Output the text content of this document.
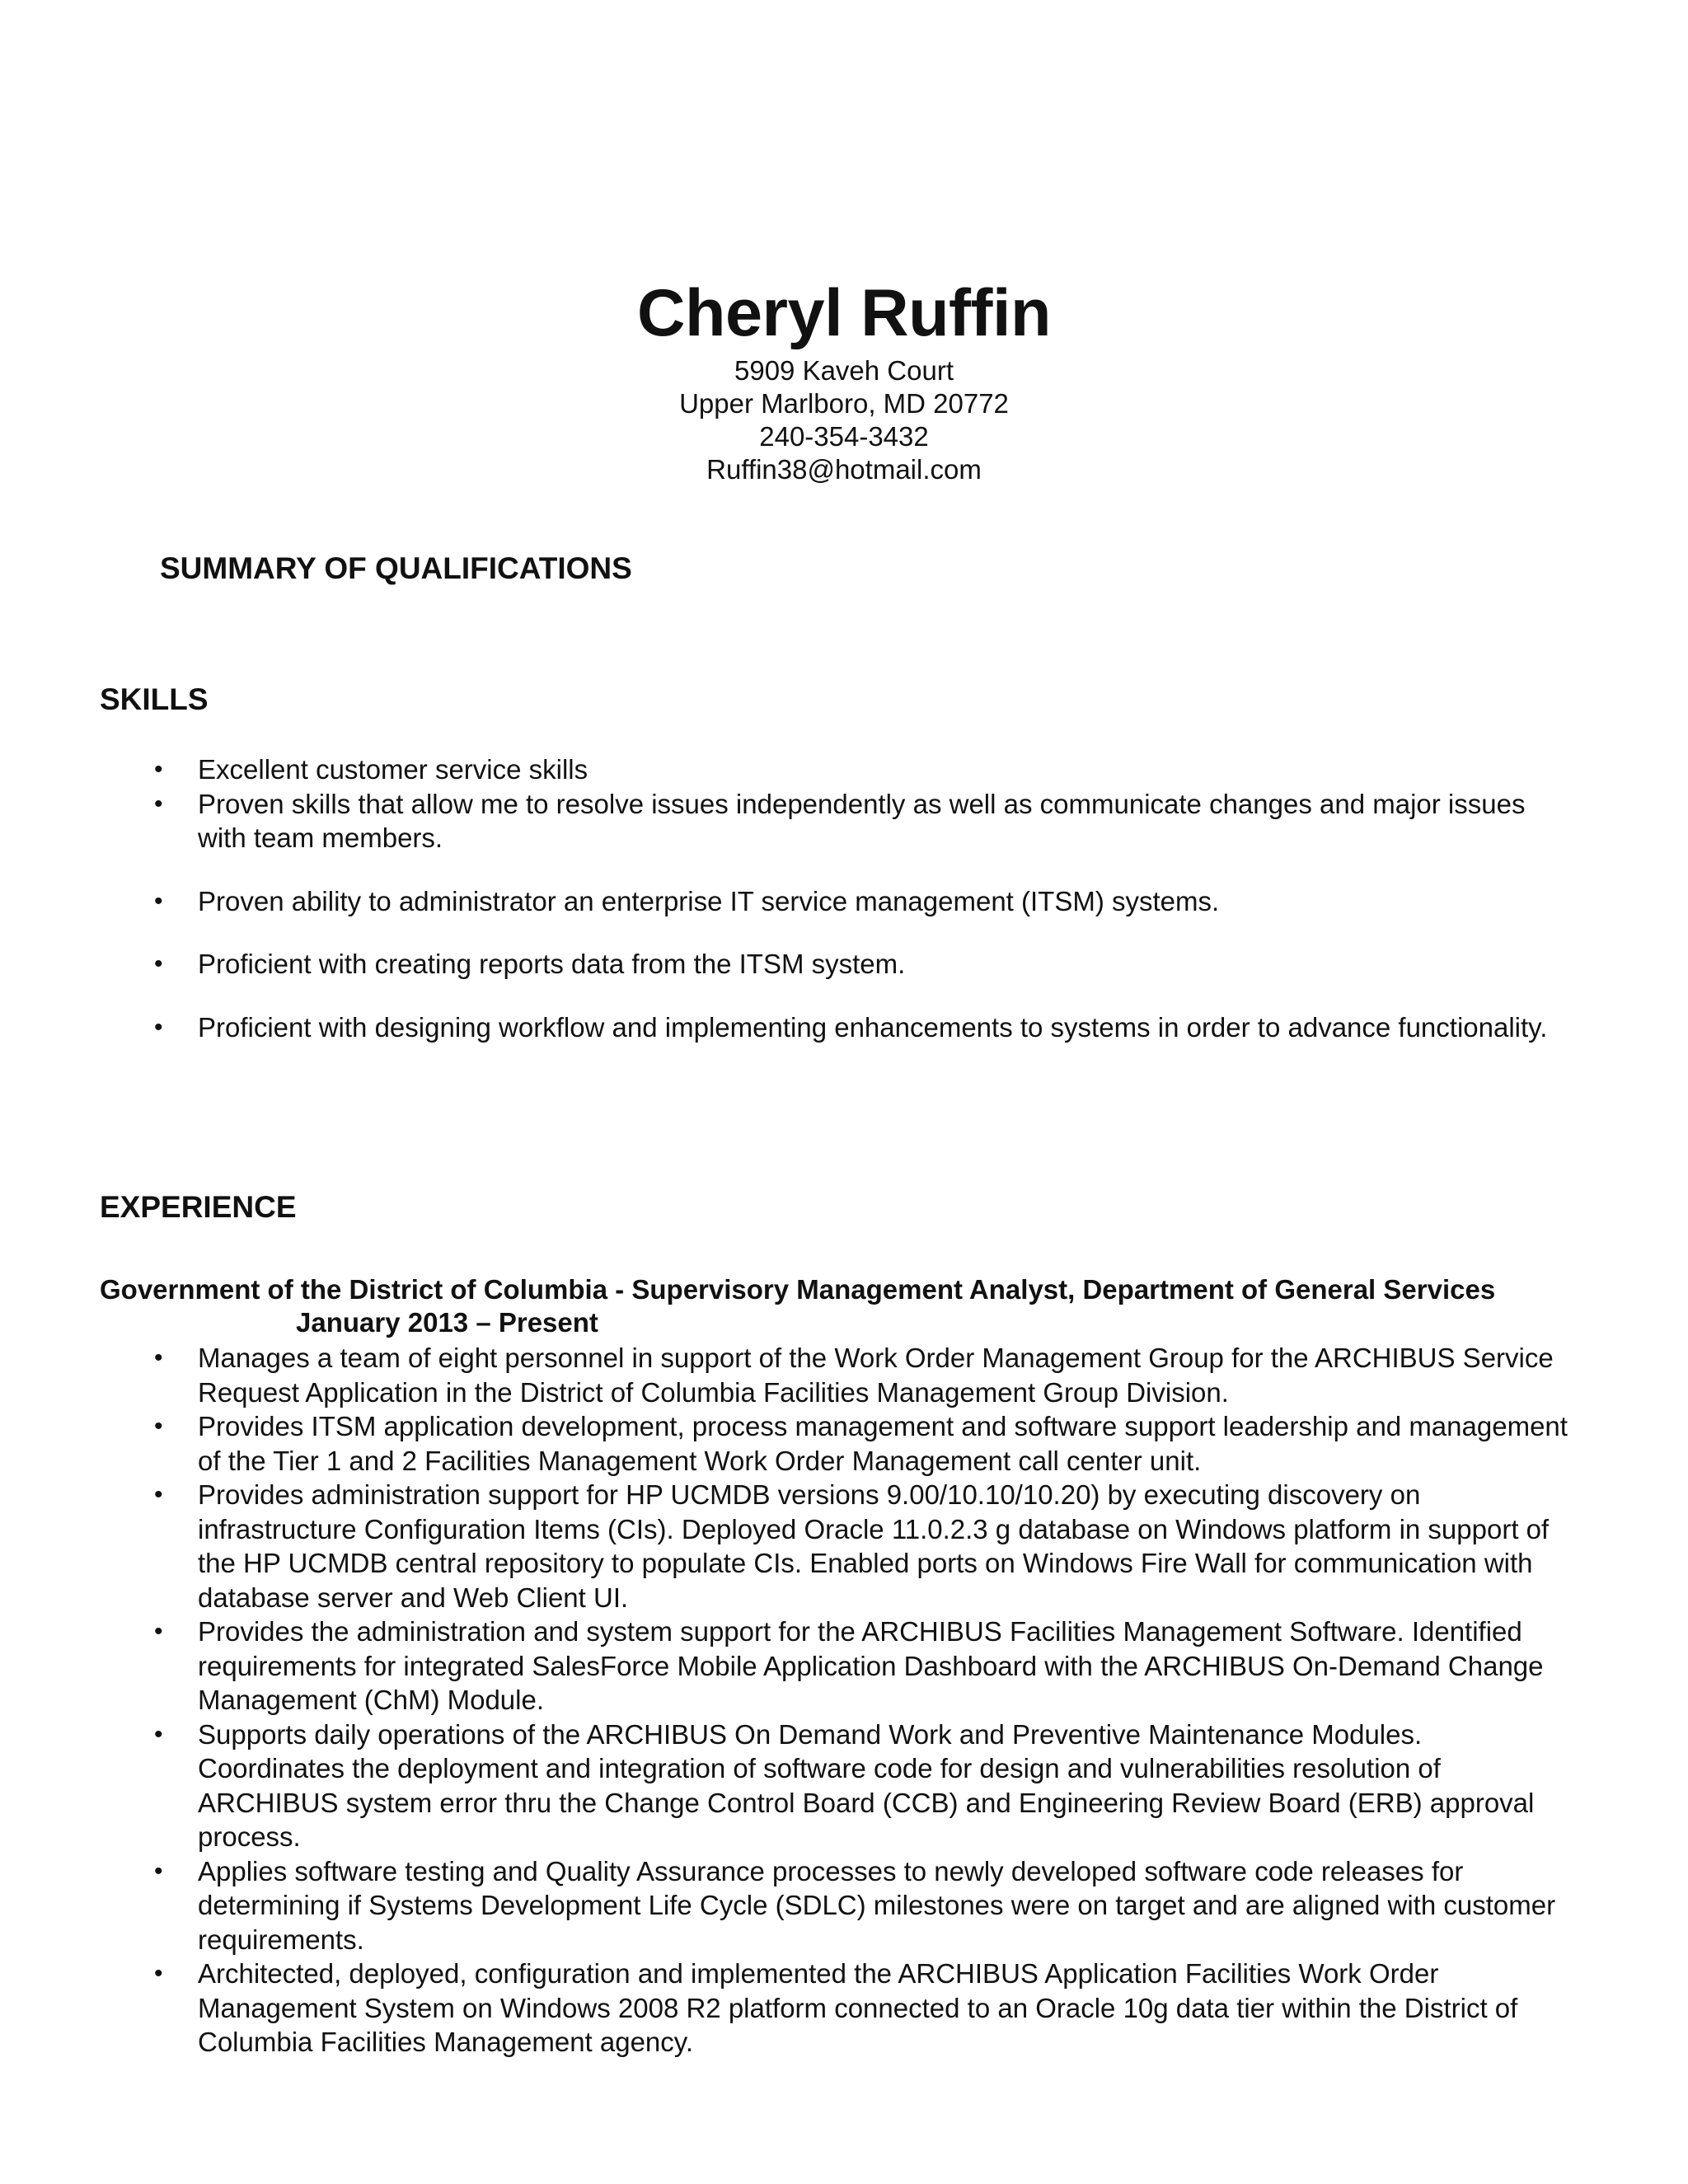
Cheryl Ruffin

5909 Kaveh Court

Upper Marlboro, MD 20772

240-354-3432

Ruffin38@hotmail.com

SUMMARY OF QUALIFICATIONS

SKILLS

• Excellent customer service skills
• Proven skills that allow me to resolve issues independently as well as communicate changes and major issues with team members.
• Proven ability to administrator an enterprise IT service management (ITSM) systems.
• Proficient with creating reports data from the ITSM system.
• Proficient with designing workflow and implementing enhancements to systems in order to advance functionality.

EXPERIENCE

Government of the District of Columbia - Supervisory Management Analyst, Department of General Services

January 2013 – Present

• Manages a team of eight personnel in support of the Work Order Management Group for the ARCHIBUS Service Request Application in the District of Columbia Facilities Management Group Division.
• Provides ITSM application development, process management and software support leadership and management of the Tier 1 and 2 Facilities Management Work Order Management call center unit.
• Provides administration support for HP UCMDB versions 9.00/10.10/10.20) by executing discovery on infrastructure Configuration Items (CIs). Deployed Oracle 11.0.2.3 g database on Windows platform in support of the HP UCMDB central repository to populate CIs. Enabled ports on Windows Fire Wall for communication with database server and Web Client UI.
• Provides the administration and system support for the ARCHIBUS Facilities Management Software. Identified requirements for integrated SalesForce Mobile Application Dashboard with the ARCHIBUS On-Demand Change Management (ChM) Module.
• Supports daily operations of the ARCHIBUS On Demand Work and Preventive Maintenance Modules. Coordinates the deployment and integration of software code for design and vulnerabilities resolution of ARCHIBUS system error thru the Change Control Board (CCB) and Engineering Review Board (ERB) approval process.
• Applies software testing and Quality Assurance processes to newly developed software code releases for determining if Systems Development Life Cycle (SDLC) milestones were on target and are aligned with customer requirements.
• Architected, deployed, configuration and implemented the ARCHIBUS Application Facilities Work Order Management System on Windows 2008 R2 platform connected to an Oracle 10g data tier within the District of Columbia Facilities Management agency.
